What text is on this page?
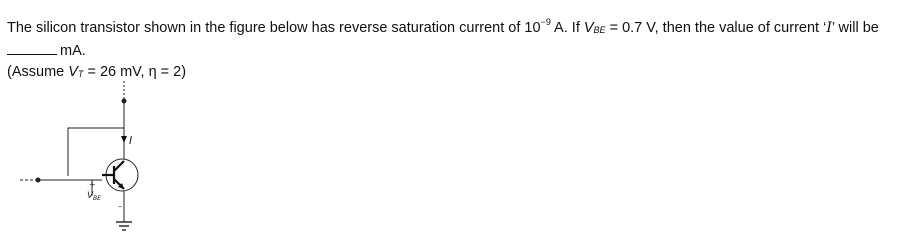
The silicon transistor shown in the figure below has reverse saturation current of $10^{-9}$ A. If VBE = 0.7 V, then the value of current ‘I’ will be

mA.

(Assume VT = 26 mV, η = 2)

I
+
V BE
–
